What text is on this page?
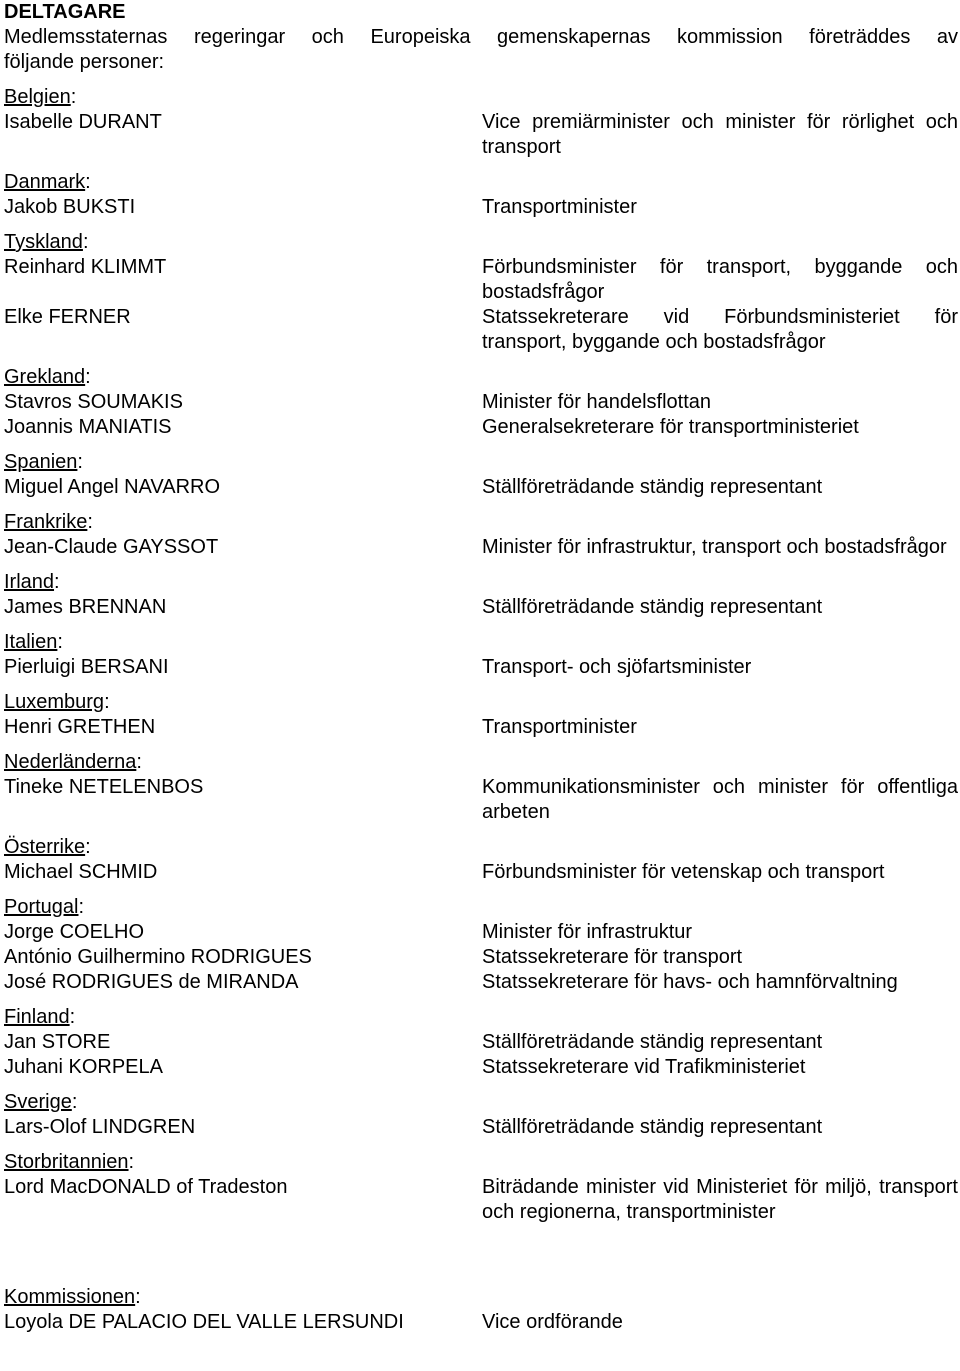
DELTAGARE
Medlemsstaternas regeringar och Europeiska gemenskapernas kommission företräddes av
följande personer:
Belgien:
Isabelle DURANT	Vice premiärminister och minister för rörlighet och transport
Danmark:
Jakob BUKSTI	Transportminister
Tyskland:
Reinhard KLIMMT	Förbundsminister för transport, byggande och bostadsfrågor
Elke FERNER	Statssekreterare vid Förbundsministeriet för transport, byggande och bostadsfrågor
Grekland:
Stavros SOUMAKIS	Minister för handelsflottan
Joannis MANIATIS	Generalsekreterare för transportministeriet
Spanien:
Miguel Angel NAVARRO	Ställföreträdande ständig representant
Frankrike:
Jean-Claude GAYSSOT	Minister för infrastruktur, transport och bostadsfrågor
Irland:
James BRENNAN	Ställföreträdande ständig representant
Italien:
Pierluigi BERSANI	Transport- och sjöfartsminister
Luxemburg:
Henri GRETHEN	Transportminister
Nederländerna:
Tineke NETELENBOS	Kommunikationsminister och minister för offentliga arbeten
Österrike:
Michael SCHMID	Förbundsminister för vetenskap och transport
Portugal:
Jorge COELHO	Minister för infrastruktur
António Guilhermino RODRIGUES	Statssekreterare för transport
José RODRIGUES de MIRANDA	Statssekreterare för havs- och hamnförvaltning
Finland:
Jan STORE	Ställföreträdande ständig representant
Juhani KORPELA	Statssekreterare vid Trafikministeriet
Sverige:
Lars-Olof LINDGREN	Ställföreträdande ständig representant
Storbritannien:
Lord MacDONALD of Tradeston	Biträdande minister vid Ministeriet för miljö, transport och regionerna, transportminister
Kommissionen:
Loyola DE PALACIO DEL VALLE LERSUNDI	Vice ordförande
